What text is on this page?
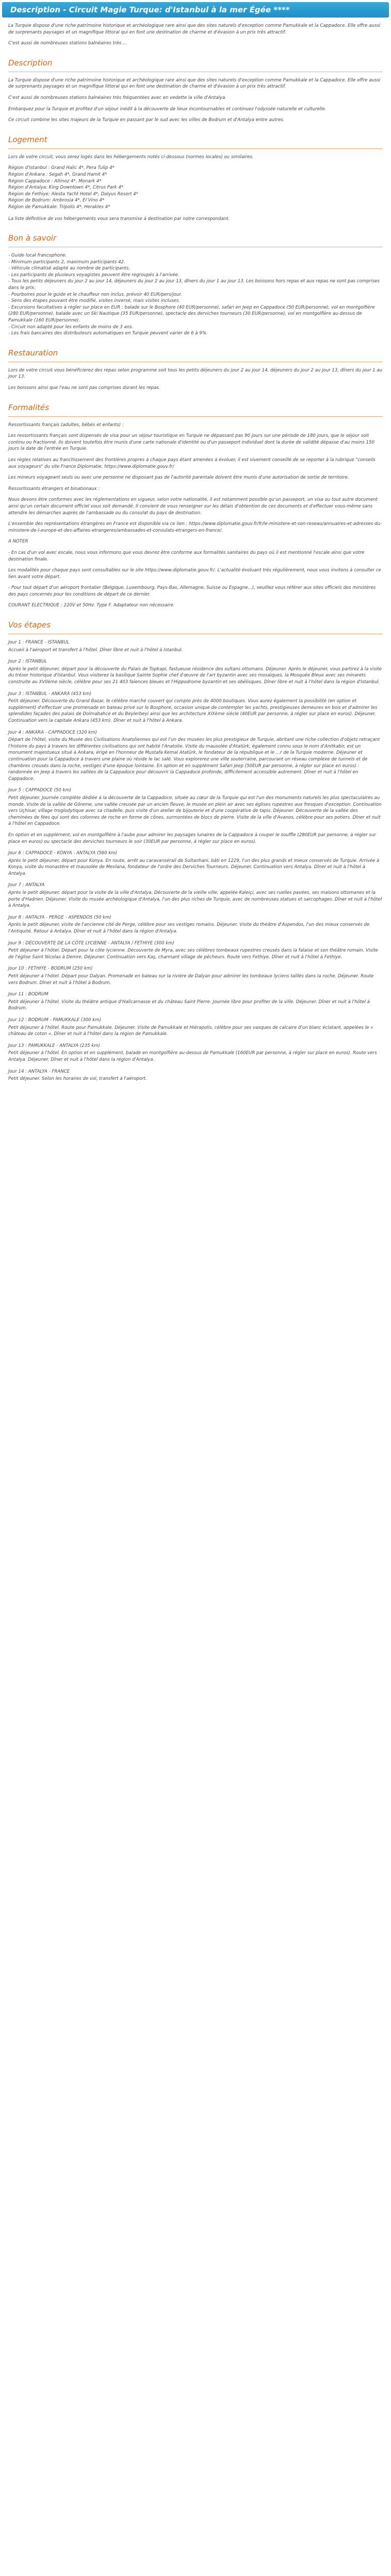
Description - Circuit Magie Turque: d'Istanbul à la mer Égée ****

La Turquie dispose d'une riche patrimoine historique et archéologique rare ainsi que des sites naturels d'exception comme Pamukkale et la Cappadoce. Elle offre aussi de surprenants paysages et un magnifique littoral qui en font une destination de charme et d'évasion à un prix très attractif.

C'est aussi de nombreuses stations balnéaires très ...

Description

La Turquie dispose d'une riche patrimoine historique et archéologique rare ainsi que des sites naturels d'exception comme Pamukkale et la Cappadoce. Elle offre aussi de surprenants paysages et un magnifique littoral qui en font une destination de charme et d'évasion à un prix très attractif.

C'est aussi de nombreuses stations balnéaires très fréquentées avec en vedette la ville d'Antalya.

Embarquez pour la Turquie et profitez d'un séjour inédit à la découverte de lieux incontournables et continuez l'odyssée naturelle et culturelle.

Ce circuit combine les sites majeurs de la Turquie en passant par le sud avec les villes de Bodrum et d'Antalya entre autres.

Logement

Lors de votre circuit, vous serez logés dans les hébergements notés ci-dessous (normes locales) ou similaires.

Région d'Istanbul : Grand Halic 4*, Pera Tulip 4*
Région d'Ankara : Segah 4*, Grand Hamit 4*
Région Cappadoce : Altinoz 4*, Monark 4*
Région d'Antalya: King Downtown 4*, Citrus Park 4*
Région de Fethiye: Alesta Yacht Hotel 4*, Dalyus Resort 4*
Région de Bodrum: Ambrosia 4*, El Vino 4*
Région de Pamukkale: Tripolis 4*, Herakles 4*

La liste définitive de vos hébergements vous sera transmise à destination par notre correspondant.

Bon à savoir
- Guide local francophone.
- Minimum participants 2, maximum participants 42.
- Véhicule climatisé adapté au nombre de participants.
- Les participants de plusieurs voyagistes peuvent être regroupés à l'arrivée.
- Tous les petits déjeuners du jour 2 au jour 14, déjeuners du jour 2 au jour 13, dîners du jour 1 au jour 13. Les boissons hors repas et aux repas ne sont pas comprises dans le prix.
- Pourboires pour le guide et le chauffeur non inclus, prévoir 40 EUR/pers/jour.
- Sens des étapes pouvant être modifié, visites inversé, mais visites incluses.
- Excursions facultatives à régler sur place en EUR : balade sur le Bosphore (40 EUR/personne), safari en Jeep en Cappadoce (50 EUR/personne), vol en montgolfière (280 EUR/personne), balade avec un Ski Nautique (35 EUR/personne), spectacle des derviches tourneurs (30 EUR/personne), vol en montgolfière au-dessus de Pamukkale (160 EUR/personne).
- Circuit non adapté pour les enfants de moins de 3 ans.
- Les frais bancaires des distributeurs automatiques en Turquie peuvent varier de 6 à 9%.
Restauration

Lors de votre circuit vous bénéficierez des repas selon programme soit tous les petits déjeuners du jour 2 au jour 14, déjeuners du jour 2 au jour 13, dîners du jour 1 au jour 13.

Les boissons ainsi que l'eau ne sont pas comprises durant les repas.

Formalités

Ressortissants français (adultes, bébés et enfants) :

Les ressortissants français sont dispensés de visa pour un séjour touristique en Turquie ne dépassant pas 90 jours sur une période de 180 jours, que le séjour soit continu ou fractionné. Ils doivent toutefois être munis d'une carte nationale d'identité ou d'un passeport individuel dont la durée de validité dépasse d'au moins 150 jours la date de l'entrée en Turquie.

Les règles relatives au franchissement des frontières propres à chaque pays étant amenées à évoluer, il est vivement conseillé de se reporter à la rubrique "conseils aux voyageurs" du site France Diplomatie. https://www.diplomatie.gouv.fr/

Les mineurs voyageant seuls ou avec une personne ne disposant pas de l'autorité parentale doivent être munis d'une autorisation de sortie de territoire.

Ressortissants étrangers et binationaux :

Nous devons être conformes avec les réglementations en vigueur, selon votre nationalité, il est notamment possible qu'un passeport, un visa ou tout autre document ainsi qu'un certain document officiel vous soit demandé. Il convient de vous renseigner sur les délais d'obtention de ces documents et d'effectuer vous-même sans attendre les démarches auprès de l'ambassade ou du consulat du pays de destination.

L'ensemble des représentations étrangères en France est disponible via ce lien : https://www.diplomatie.gouv.fr/fr/le-ministere-et-son-reseau/annuaires-et-adresses-du-ministere-de-l-europe-et-des-affaires-etrangeres/ambassades-et-consulats-etrangers-en-france/.

A NOTER

- En cas d'un vol avec escale, nous vous informons que vous devrez être conforme aux formalités sanitaires du pays où il est mentionné l'escale ainsi que votre destination finale.

Les modalités pour chaque pays sont consultables sur le site https://www.diplomatie.gouv.fr/. L'actualité évoluant très régulièrement, nous vous invitons à consulter ce lien avant votre départ.

- Pour tout départ d'un aéroport frontalier (Belgique, Luxembourg, Pays-Bas, Allemagne, Suisse ou Espagne...), veuillez vous référer aux sites officiels des ministères des pays concernés pour les conditions de départ de ce dernier.

COURANT ELECTRIQUE : 220V et 50Hz. Type F. Adaptateur non nécessaire.

Vos étapes
Jour 1 : FRANCE - ISTANBUL

Accueil à l'aéroport et transfert à l'hôtel. Dîner libre et nuit à l'hôtel à Istanbul.

Jour 2 : ISTANBUL

Après le petit déjeuner, départ pour la découverte du Palais de Topkapi, fastueuse résidence des sultans ottomans. Déjeuner. Après le déjeuner, vous partirez à la visite du trésor historique d'Istanbul. Vous visiterez la basilique Sainte Sophie chef d'œuvre de l'art byzantin avec ses mosaïques, la Mosquée Bleue avec ses minarets construite au XVIIème siècle, célèbre pour ses 21 403 faïences bleues et l'Hippodrome byzantin et ses obélisques. Dîner libre et nuit à l'hôtel dans la région d'Istanbul.

Jour 3 : ISTANBUL - ANKARA (453 km)

Petit déjeuner. Découverte du Grand Bazar, le célèbre marché couvert qui compte près de 4000 boutiques. Vous aurez également la possibilité (en option et supplément) d'effectuer une promenade en bateau privé sur le Bosphore, occasion unique de contempler les yachts, prestigieuses demeures en bois et d'admirer les splendides façades des palais de Dolmabahce et du Beylerbeyi ainsi que les architecture XIXème siècle (40EUR par personne, à régler sur place en euros). Déjeuner. Continuation vers la capitale Ankara (453 km). Dîner et nuit à l'hôtel à Ankara.

Jour 4 : ANKARA - CAPPADOCE (320 km)

Départ de l'hôtel, visite du Musée des Civilisations Anatoliennes qui est l'un des musées les plus prestigieux de Turquie, abritant une riche collection d'objets retraçant l'histoire du pays à travers les différentes civilisations qui ont habité l'Anatolie. Visite du mausolée d'Atatürk, également connu sous le nom d'Anitkabir, est un monument majestueux situé à Ankara, érigé en l'honneur de Mustafa Kemal Atatürk, le fondateur de la république et le ...r de la Turquie moderne. Déjeuner et continuation pour la Cappadoce à travers une plaine où réside le lac salé. Vous explorerez une ville souterraine, parcourant un réseau complexe de tunnels et de chambres creusés dans la roche, vestiges d'une époque lointaine. En option et en supplément Safari Jeep (50EUR par personne, à régler sur place en euros) : randonnée en Jeep à travers les vallées de la Cappadoce pour découvrir la Cappadoce profonde, difficilement accessible autrement. Dîner et nuit à l'hôtel en Cappadoce.

Jour 5 : CAPPADOCE (50 km)

Petit déjeuner. Journée complète dédiée à la découverte de la Cappadoce, située au cœur de la Turquie qui est l'un des monuments naturels les plus spectaculaires au monde. Visite de la vallée de Göreme, une vallée creusée par un ancien fleuve, le musée en plein air avec ses églises rupestres aux fresques d'exception. Continuation vers Uçhisar, village troglodytique avec sa citadelle, puis visite d'un atelier de bijouterie et d'une coopérative de tapis. Déjeuner. Découverte de la vallée des cheminées de fées qui sont des colonnes de roche en forme de cônes, surmontées de blocs de pierre. Visite de la ville d'Avanos, célèbre pour ses potiers. Dîner et nuit à l'hôtel en Cappadoce.

En option et en supplément, vol en montgolfière à l'aube pour admirer les paysages lunaires de la Cappadoce à couper le souffle (280EUR par personne, à régler sur place en euros) ou spectacle des derviches tourneurs le soir (30EUR par personne, à régler sur place en euros).

Jour 6 : CAPPADOCE - KONYA - ANTALYA (560 km)

Après le petit déjeuner, départ pour Konya. En route, arrêt au caravansérail de Sultanhani, bâti en 1229, l'un des plus grands et mieux conservés de Turquie. Arrivée à Konya, visite du monastère et mausolée de Mevlana, fondateur de l'ordre des Derviches Tourneurs. Déjeuner. Continuation vers Antalya. Dîner et nuit à l'hôtel à Antalya.

Jour 7 : ANTALYA

Après le petit déjeuner, départ pour la visite de la ville d'Antalya. Découverte de la vieille ville, appelée Kaleiçi, avec ses ruelles pavées, ses maisons ottomanes et la porte d'Hadrien. Déjeuner. Visite du musée archéologique d'Antalya, l'un des plus riches de Turquie, avec de nombreuses statues et sarcophages. Dîner et nuit à l'hôtel à Antalya.

Jour 8 : ANTALYA - PERGE - ASPENDOS (50 km)

Après le petit déjeuner, visite de l'ancienne cité de Perge, célèbre pour ses vestiges romains. Déjeuner. Visite du théâtre d'Aspendos, l'un des mieux conservés de l'Antiquité. Retour à Antalya. Dîner et nuit à l'hôtel dans la région d'Antalya.

Jour 9 : DÉCOUVERTE DE LA CÔTE LYCIENNE - ANTALYA / FETHIYE (300 km)

Petit déjeuner à l'hôtel. Départ pour la côte lycienne. Découverte de Myra, avec ses célèbres tombeaux rupestres creusés dans la falaise et son théâtre romain. Visite de l'église Saint Nicolas à Demre. Déjeuner. Continuation vers Kaş, charmant village de pêcheurs. Route vers Fethiye. Dîner et nuit à l'hôtel à Fethiye.

Jour 10 : FETHIYE - BODRUM (250 km)

Petit déjeuner à l'hôtel. Départ pour Dalyan. Promenade en bateau sur la rivière de Dalyan pour admirer les tombeaux lyciens taillés dans la roche. Déjeuner. Route vers Bodrum. Dîner et nuit à l'hôtel à Bodrum.

Jour 11 : BODRUM

Petit déjeuner à l'hôtel. Visite du théâtre antique d'Halicarnasse et du château Saint Pierre. Journée libre pour profiter de la ville. Déjeuner. Dîner et nuit à l'hôtel à Bodrum.

Jour 12 : BODRUM - PAMUKKALE (300 km)

Petit déjeuner à l'hôtel. Route pour Pamukkale. Déjeuner. Visite de Pamukkale et Hiérapolis, célèbre pour ses vasques de calcaire d'un blanc éclatant, appelées le « château de coton ». Dîner et nuit à l'hôtel dans la région de Pamukkale.

Jour 13 : PAMUKKALE - ANTALYA (235 km)

Petit déjeuner à l'hôtel. En option et en supplément, balade en montgolfière au-dessus de Pamukkale (160EUR par personne, à régler sur place en euros). Route vers Antalya. Déjeuner. Dîner et nuit à l'hôtel dans la région d'Antalya.

Jour 14 : ANTALYA - FRANCE

Petit déjeuner. Selon les horaires de vol, transfert à l'aéroport.
